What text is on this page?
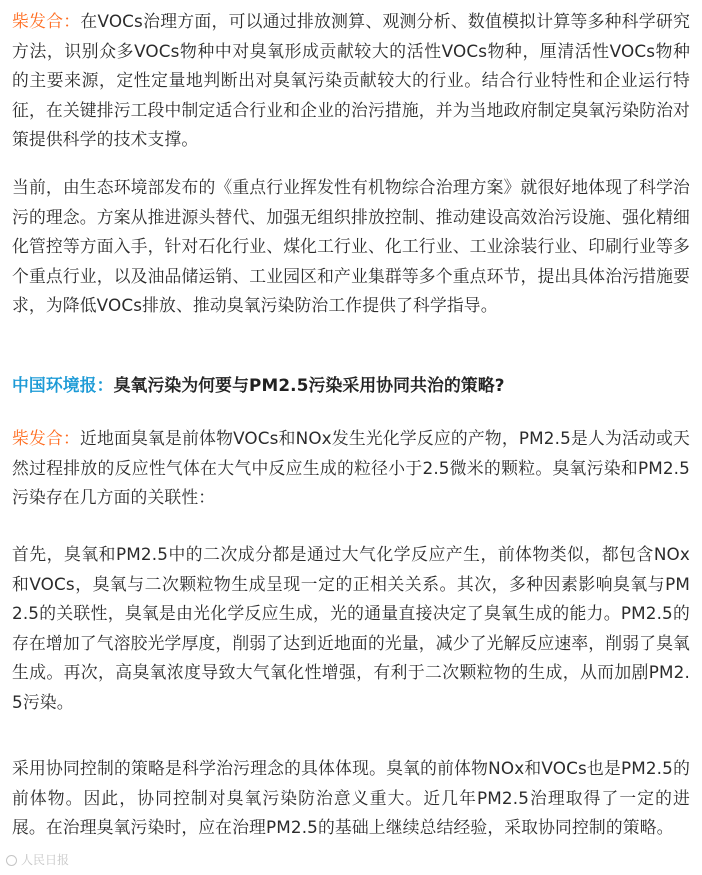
柴发合：在VOCs治理方面，可以通过排放测算、观测分析、数值模拟计算等多种科学研究方法，识别众多VOCs物种中对臭氧形成贡献较大的活性VOCs物种，厘清活性VOCs物种的主要来源，定性定量地判断出对臭氧污染贡献较大的行业。结合行业特性和企业运行特征，在关键排污工段中制定适合行业和企业的治污措施，并为当地政府制定臭氧污染防治对策提供科学的技术支撑。

当前，由生态环境部发布的《重点行业挥发性有机物综合治理方案》就很好地体现了科学治污的理念。方案从推进源头替代、加强无组织排放控制、推动建设高效治污设施、强化精细化管控等方面入手，针对石化行业、煤化工行业、化工行业、工业涂装行业、印刷行业等多个重点行业，以及油品储运销、工业园区和产业集群等多个重点环节，提出具体治污措施要求，为降低VOCs排放、推动臭氧污染防治工作提供了科学指导。

中国环境报：臭氧污染为何要与PM2.5污染采用协同共治的策略?

柴发合：近地面臭氧是前体物VOCs和NOx发生光化学反应的产物，PM2.5是人为活动或天然过程排放的反应性气体在大气中反应生成的粒径小于2.5微米的颗粒。臭氧污染和PM2.5污染存在几方面的关联性：

首先，臭氧和PM2.5中的二次成分都是通过大气化学反应产生，前体物类似，都包含NOx和VOCs，臭氧与二次颗粒物生成呈现一定的正相关关系。其次，多种因素影响臭氧与PM2.5的关联性，臭氧是由光化学反应生成，光的通量直接决定了臭氧生成的能力。PM2.5的存在增加了气溶胶光学厚度，削弱了达到近地面的光量，减少了光解反应速率，削弱了臭氧生成。再次，高臭氧浓度导致大气氧化性增强，有利于二次颗粒物的生成，从而加剧PM2.5污染。

采用协同控制的策略是科学治污理念的具体体现。臭氧的前体物NOx和VOCs也是PM2.5的前体物。因此，协同控制对臭氧污染防治意义重大。近几年PM2.5治理取得了一定的进展。在治理臭氧污染时，应在治理PM2.5的基础上继续总结经验，采取协同控制的策略。

人民日报
